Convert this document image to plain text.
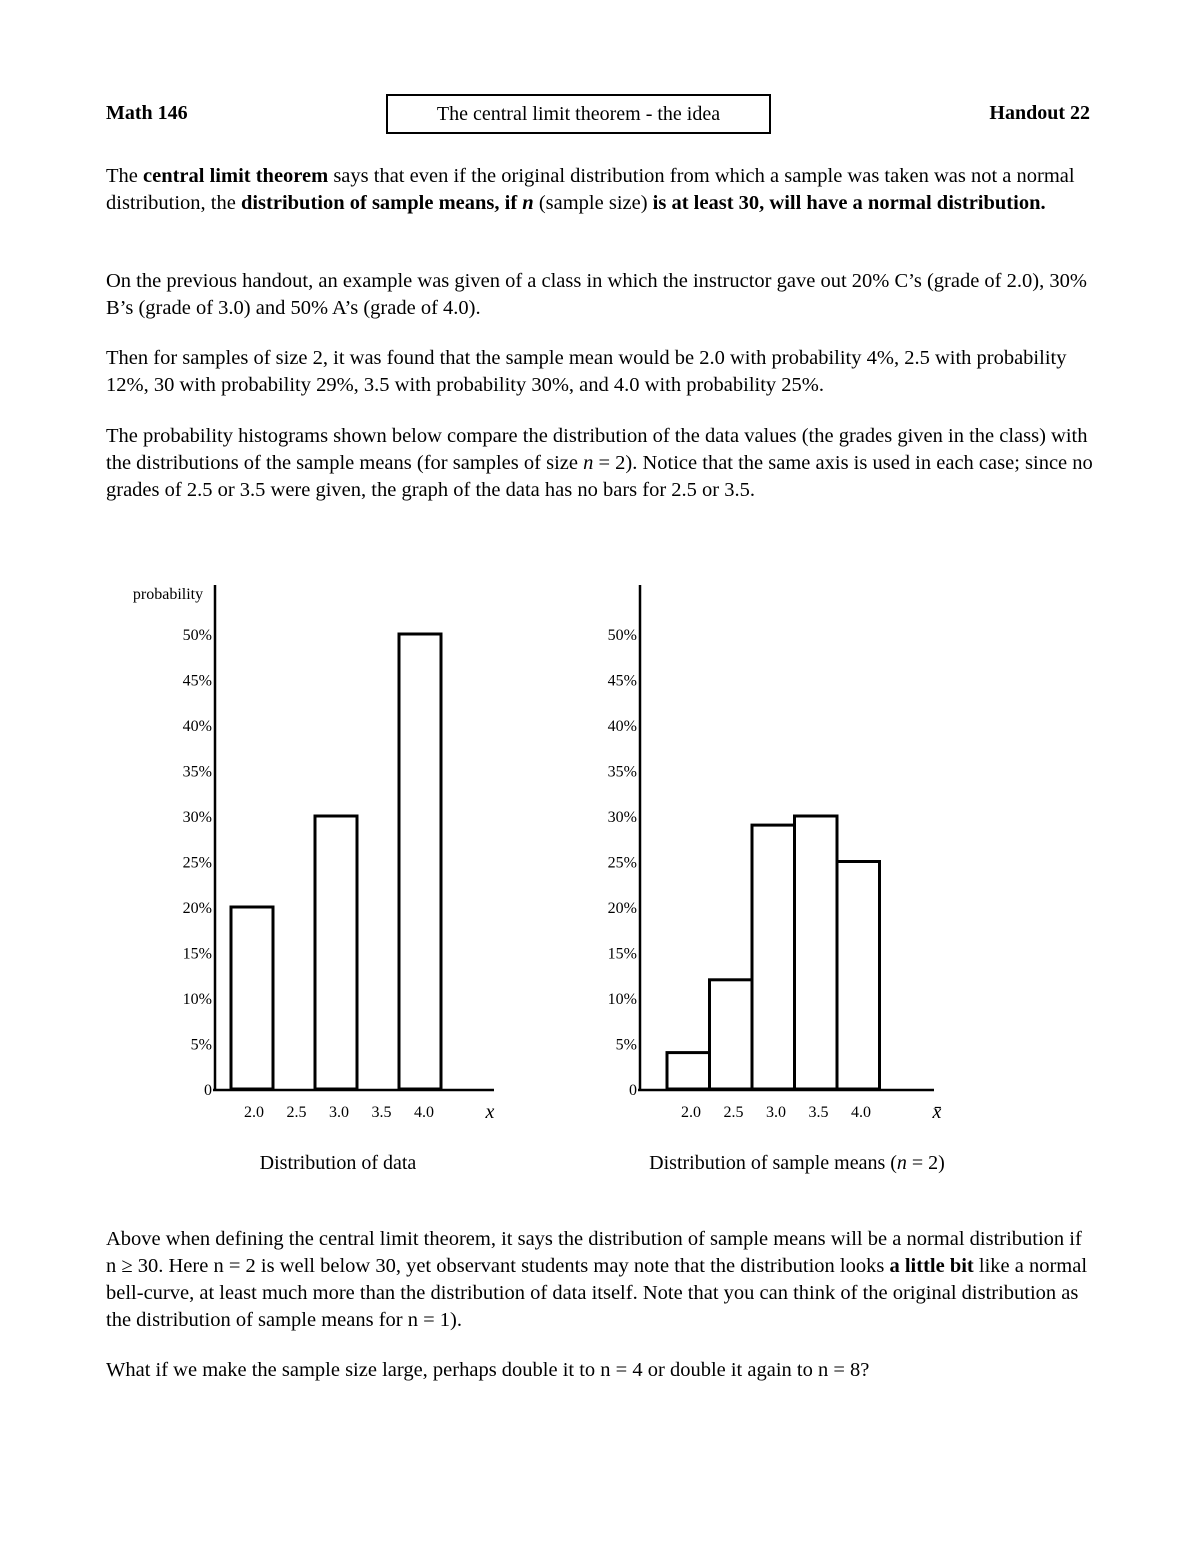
Math 146	The central limit theorem - the idea	Handout 22

The central limit theorem says that even if the original distribution from which a sample was taken was not a normal distribution, the distribution of sample means, if n (sample size) is at least 30, will have a normal distribution.

On the previous handout, an example was given of a class in which the instructor gave out 20% C’s (grade of 2.0), 30% B’s (grade of 3.0) and 50% A’s (grade of 4.0).

Then for samples of size 2, it was found that the sample mean would be 2.0 with probability 4%, 2.5 with probability 12%, 30 with probability 29%, 3.5 with probability 30%, and 4.0 with probability 25%.

The probability histograms shown below compare the distribution of the data values (the grades given in the class) with the distributions of the sample means (for samples of size n = 2). Notice that the same axis is used in each case; since no grades of 2.5 or 3.5 were given, the graph of the data has no bars for 2.5 or 3.5.

0
5%
10%
15%
20%
25%
30%
35%
40%
45%
50%
probability
2.0 2.5 3.0 3.5 4.0	x
Distribution of data
0
5%
10%
15%
20%
25%
30%
35%
40%
45%
50%
2.0 2.5 3.0 3.5 4.0	x̄
Distribution of sample means (n = 2)

Above when defining the central limit theorem, it says the distribution of sample means will be a normal distribution if n ≥ 30. Here n = 2 is well below 30, yet observant students may note that the distribution looks a little bit like a normal bell-curve, at least much more than the distribution of data itself. Note that you can think of the original distribution as the distribution of sample means for n = 1).

What if we make the sample size large, perhaps double it to n = 4 or double it again to n = 8?
